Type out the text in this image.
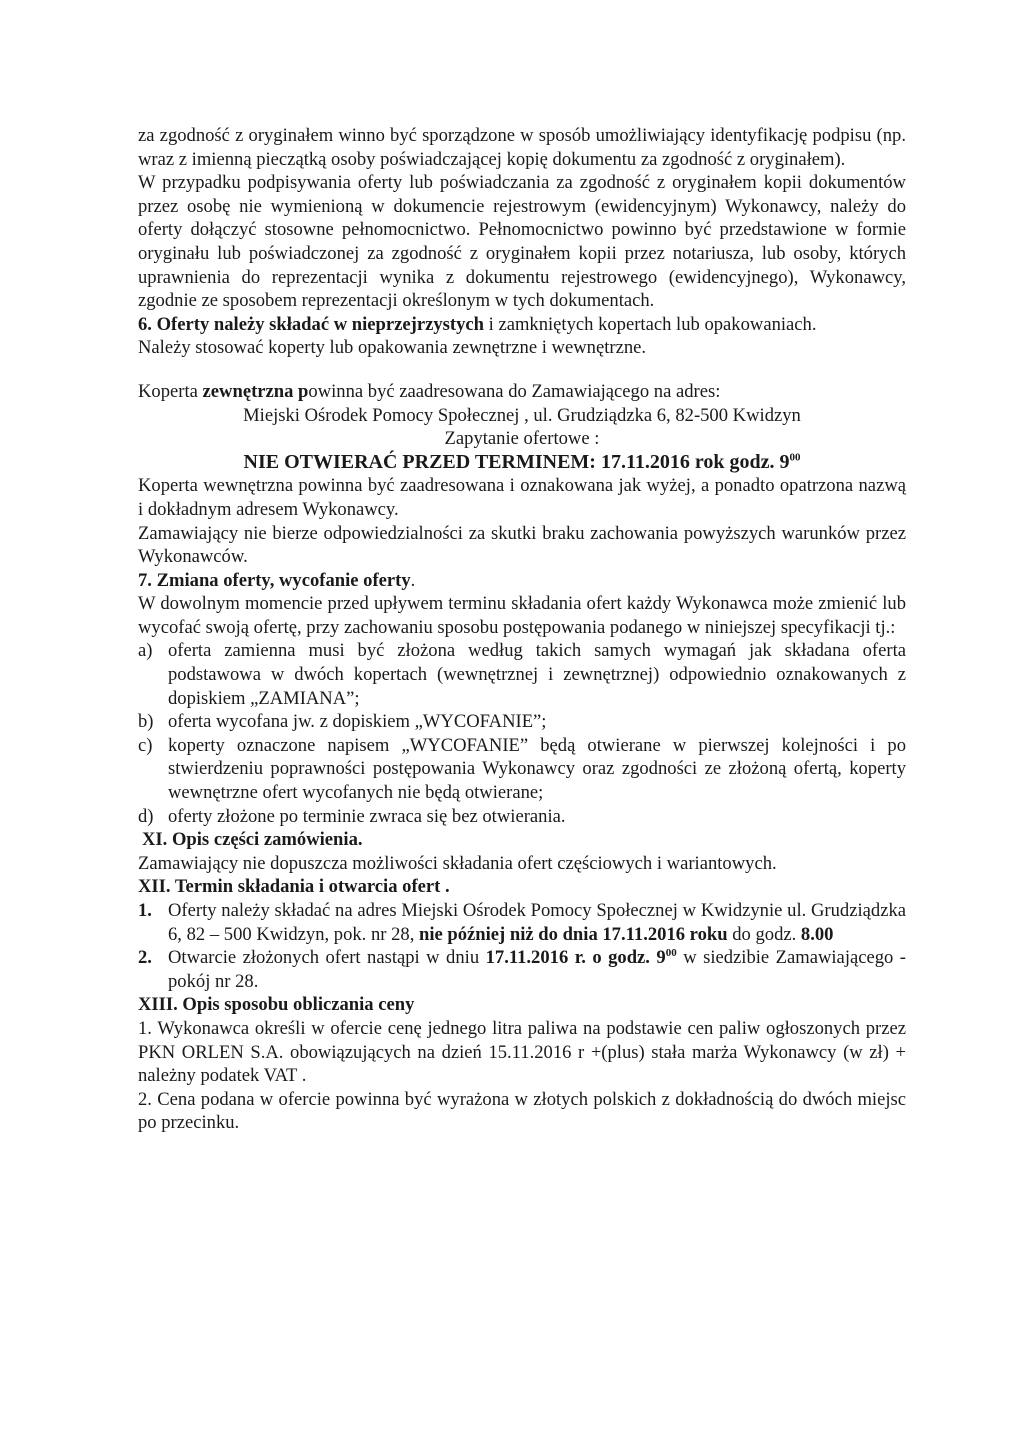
za zgodność z oryginałem winno być sporządzone w sposób umożliwiający identyfikację podpisu (np. wraz z imienną pieczątką osoby poświadczającej kopię dokumentu za zgodność z oryginałem).

W przypadku podpisywania oferty lub poświadczania za zgodność z oryginałem kopii dokumentów przez osobę nie wymienioną w dokumencie rejestrowym (ewidencyjnym) Wykonawcy, należy do oferty dołączyć stosowne pełnomocnictwo. Pełnomocnictwo powinno być przedstawione w formie oryginału lub poświadczonej za zgodność z oryginałem kopii przez notariusza, lub osoby, których uprawnienia do reprezentacji wynika z dokumentu rejestrowego (ewidencyjnego), Wykonawcy, zgodnie ze sposobem reprezentacji określonym w tych dokumentach.

6. Oferty należy składać w nieprzejrzystych i zamkniętych kopertach lub opakowaniach.

Należy stosować koperty lub opakowania zewnętrzne i wewnętrzne.

Koperta zewnętrzna powinna być zaadresowana do Zamawiającego na adres:

Miejski Ośrodek Pomocy Społecznej , ul. Grudziądzka 6, 82-500 Kwidzyn

Zapytanie ofertowe :

NIE OTWIERAĆ PRZED TERMINEM: 17.11.2016 rok godz. $9^{00}$

Koperta wewnętrzna powinna być zaadresowana i oznakowana jak wyżej, a ponadto opatrzona nazwą i dokładnym adresem Wykonawcy.

Zamawiający nie bierze odpowiedzialności za skutki braku zachowania powyższych warunków przez Wykonawców.

7. Zmiana oferty, wycofanie oferty.

W dowolnym momencie przed upływem terminu składania ofert każdy Wykonawca może zmienić lub wycofać swoją ofertę, przy zachowaniu sposobu postępowania podanego w niniejszej specyfikacji tj.:

a) oferta zamienna musi być złożona według takich samych wymagań jak składana oferta podstawowa w dwóch kopertach (wewnętrznej i zewnętrznej) odpowiednio oznakowanych z dopiskiem „ZAMIANA”;
b) oferta wycofana jw. z dopiskiem „WYCOFANIE”;
c) koperty oznaczone napisem „WYCOFANIE” będą otwierane w pierwszej kolejności i po stwierdzeniu poprawności postępowania Wykonawcy oraz zgodności ze złożoną ofertą, koperty wewnętrzne ofert wycofanych nie będą otwierane;
d) oferty złożone po terminie zwraca się bez otwierania.

XI. Opis części zamówienia.

Zamawiający nie dopuszcza możliwości składania ofert częściowych i wariantowych.

XII. Termin składania i otwarcia ofert .

1. Oferty należy składać na adres Miejski Ośrodek Pomocy Społecznej w Kwidzynie ul. Grudziądzka 6, 82 – 500 Kwidzyn, pok. nr 28, nie później niż do dnia 17.11.2016 roku do godz. 8.00
2. Otwarcie złożonych ofert nastąpi w dniu 17.11.2016 r. o godz. $9^{00}$ w siedzibie Zamawiającego - pokój nr 28.

XIII. Opis sposobu obliczania ceny

1. Wykonawca określi w ofercie cenę jednego litra paliwa na podstawie cen paliw ogłoszonych przez PKN ORLEN S.A. obowiązujących na dzień 15.11.2016 r +(plus) stała marża Wykonawcy (w zł) + należny podatek VAT .

2. Cena podana w ofercie powinna być wyrażona w złotych polskich z dokładnością do dwóch miejsc po przecinku.
